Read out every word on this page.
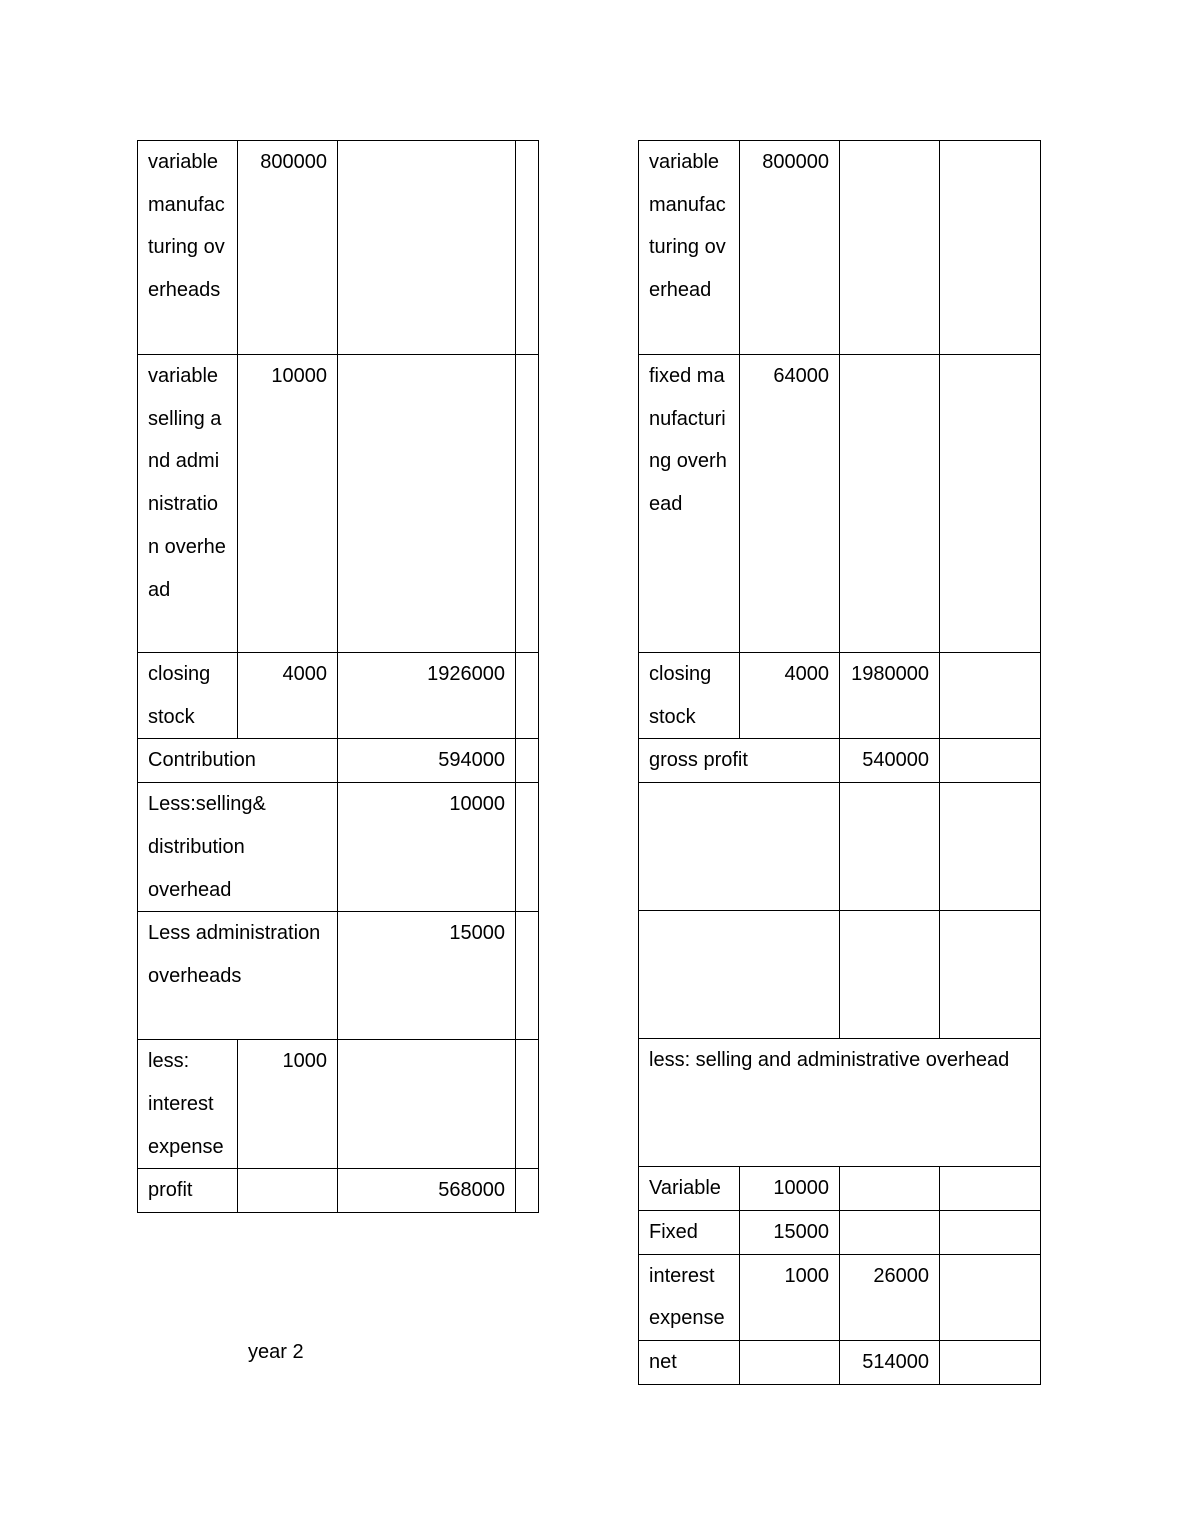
variable manufacturing overheads	800000		
variable selling and administration overhead	10000		
closing stock	4000	1926000	
Contribution		594000	
Less:selling& distribution overhead		10000	
Less administration overheads		15000	
less: interest expense	1000		
profit		568000	
variable manufacturing overhead	800000		
fixed manufacturing overhead	64000		
closing stock	4000	1980000	
gross profit		540000	

less: selling and administrative overhead			
Variable	10000		
Fixed	15000		
interest expense	1000	26000	
net		514000	
year 2
